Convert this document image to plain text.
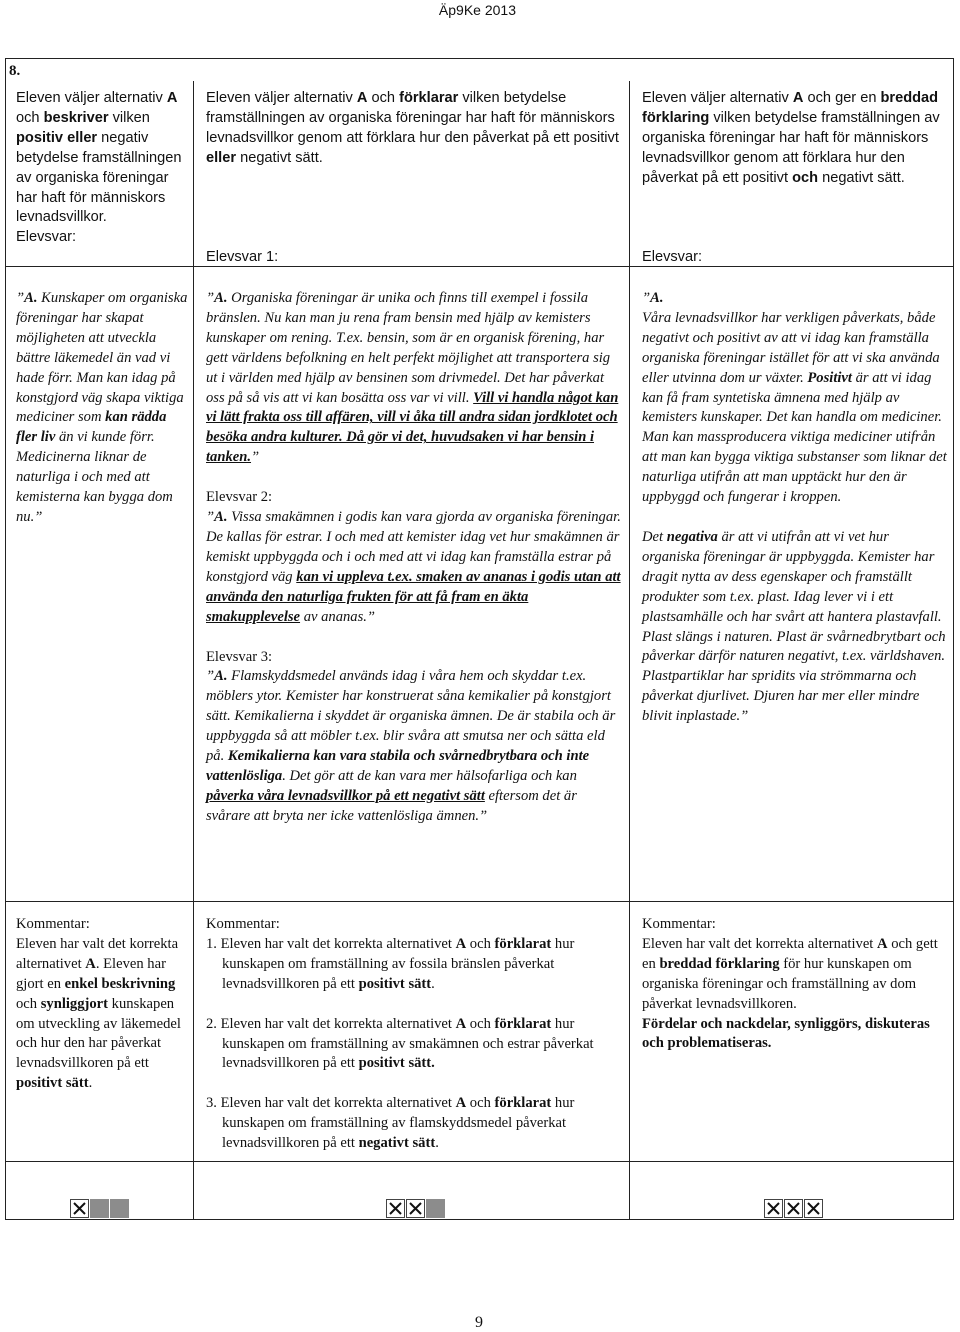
Äp9Ke 2013
8.

Eleven väljer alternativ A och beskriver vilken positiv eller negativ betydelse framställningen av organiska föreningar har haft för människors levnadsvillkor.

Elevsvar:

”A. Kunskaper om organiska föreningar har skapat möjligheten att utveckla bättre läkemedel än vad vi hade förr. Man kan idag på konstgjord väg skapa viktiga mediciner som kan rädda fler liv än vi kunde förr. Medicinerna liknar de naturliga i och med att kemisterna kan bygga dom nu.”

Kommentar:

Eleven har valt det korrekta alternativet A. Eleven har gjort en enkel beskrivning och synliggjort kunskapen om utveckling av läkemedel och hur den har påverkat levnadsvillkoren på ett positivt sätt.

Eleven väljer alternativ A och förklarar vilken betydelse framställningen av organiska föreningar har haft för människors levnadsvillkor genom att förklara hur den påverkat på ett positivt eller negativt sätt.

Elevsvar 1:

”A. Organiska föreningar är unika och finns till exempel i fossila bränslen. Nu kan man ju rena fram bensin med hjälp av kemisters kunskaper om rening. T.ex. bensin, som är en organisk förening, har gett världens befolkning en helt perfekt möjlighet att transportera sig ut i världen med hjälp av bensinen som drivmedel. Det har påverkat oss på så vis att vi kan bosätta oss var vi vill. Vill vi handla något kan vi lätt frakta oss till affären, vill vi åka till andra sidan jordklotet och besöka andra kulturer. Då gör vi det, huvudsaken vi har bensin i tanken.”

Elevsvar 2:

”A. Vissa smakämnen i godis kan vara gjorda av organiska föreningar. De kallas för estrar. I och med att kemister idag vet hur smakämnen är kemiskt uppbyggda och i och med att vi idag kan framställa estrar på konstgjord väg kan vi uppleva t.ex. smaken av ananas i godis utan att använda den naturliga frukten för att få fram en äkta smakupplevelse av ananas.”

Elevsvar 3:

”A. Flamskyddsmedel används idag i våra hem och skyddar t.ex. möblers ytor. Kemister har konstruerat såna kemikalier på konstgjort sätt. Kemikalierna i skyddet är organiska ämnen. De är stabila och är uppbyggda så att möbler t.ex. blir svåra att smutsa ner och sätta eld på. Kemikalierna kan vara stabila och svårnedbrytbara och inte vattenlösliga. Det gör att de kan vara mer hälsofarliga och kan påverka våra levnadsvillkor på ett negativt sätt eftersom det är svårare att bryta ner icke vattenlösliga ämnen.”

Kommentar:

1. Eleven har valt det korrekta alternativet A och förklarat hur kunskapen om framställning av fossila bränslen påverkat levnadsvillkoren på ett positivt sätt.
2. Eleven har valt det korrekta alternativet A och förklarat hur kunskapen om framställning av smakämnen och estrar påverkat levnadsvillkoren på ett positivt sätt.
3. Eleven har valt det korrekta alternativet A och förklarat hur kunskapen om framställning av flamskyddsmedel påverkat levnadsvillkoren på ett negativt sätt.

Eleven väljer alternativ A och ger en breddad förklaring vilken betydelse framställningen av organiska föreningar har haft för människors levnadsvillkor genom att förklara hur den påverkat på ett positivt och negativt sätt.

Elevsvar:

”A.
Våra levnadsvillkor har verkligen påverkats, både negativt och positivt av att vi idag kan framställa organiska föreningar istället för att vi ska använda eller utvinna dom ur växter. Positivt är att vi idag kan få fram syntetiska ämnena med hjälp av kemisters kunskaper. Det kan handla om mediciner. Man kan massproducera viktiga mediciner utifrån att man kan bygga viktiga substanser som liknar det naturliga utifrån att man upptäckt hur den är uppbyggd och fungerar i kroppen.

Det negativa är att vi utifrån att vi vet hur organiska föreningar är uppbyggda. Kemister har dragit nytta av dess egenskaper och framställt produkter som t.ex. plast. Idag lever vi i ett plastsamhälle och har svårt att hantera plastavfall. Plast slängs i naturen. Plast är svårnedbrytbart och påverkar därför naturen negativt, t.ex. världshaven. Plastpartiklar har spridits via strömmarna och påverkat djurlivet. Djuren har mer eller mindre blivit inplastade.”

Kommentar:

Eleven har valt det korrekta alternativet A och gett en breddad förklaring för hur kunskapen om organiska föreningar och framställning av dom påverkat levnadsvillkoren.

Fördelar och nackdelar, synliggörs, diskuteras och problematiseras.

9
